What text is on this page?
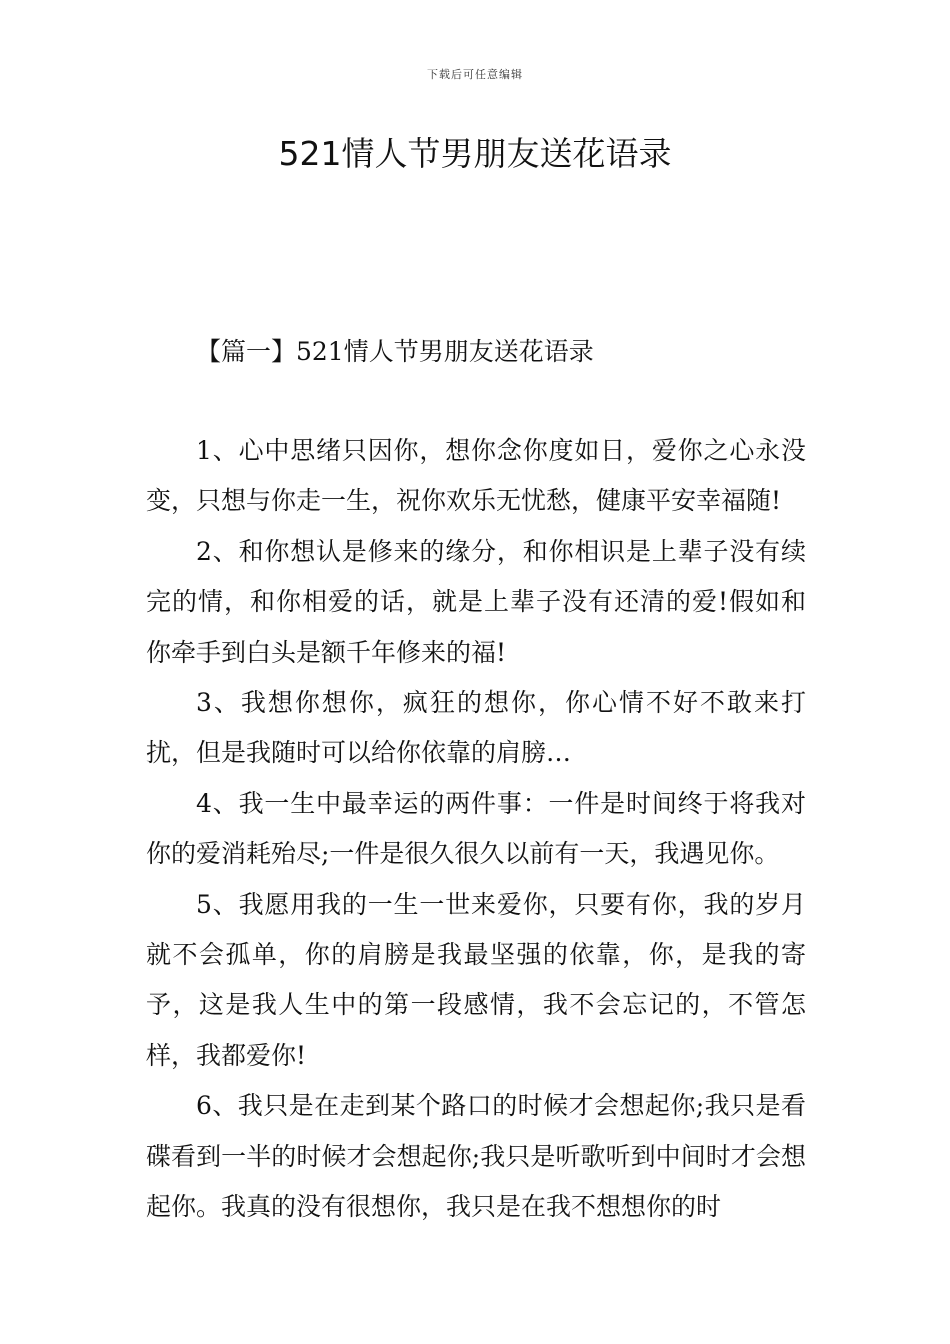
下载后可任意编辑
521情人节男朋友送花语录
【篇一】521情人节男朋友送花语录

1、心中思绪只因你，想你念你度如日，爱你之心永没变，只想与你走一生，祝你欢乐无忧愁，健康平安幸福随!

2、和你想认是修来的缘分，和你相识是上辈子没有续完的情，和你相爱的话，就是上辈子没有还清的爱!假如和你牵手到白头是额千年修来的福!

3、我想你想你，疯狂的想你，你心情不好不敢来打扰，但是我随时可以给你依靠的肩膀…

4、我一生中最幸运的两件事：一件是时间终于将我对你的爱消耗殆尽;一件是很久很久以前有一天，我遇见你。

5、我愿用我的一生一世来爱你，只要有你，我的岁月就不会孤单，你的肩膀是我最坚强的依靠，你，是我的寄予，这是我人生中的第一段感情，我不会忘记的，不管怎样，我都爱你!

6、我只是在走到某个路口的时候才会想起你;我只是看碟看到一半的时候才会想起你;我只是听歌听到中间时才会想起你。我真的没有很想你，我只是在我不想想你的时
